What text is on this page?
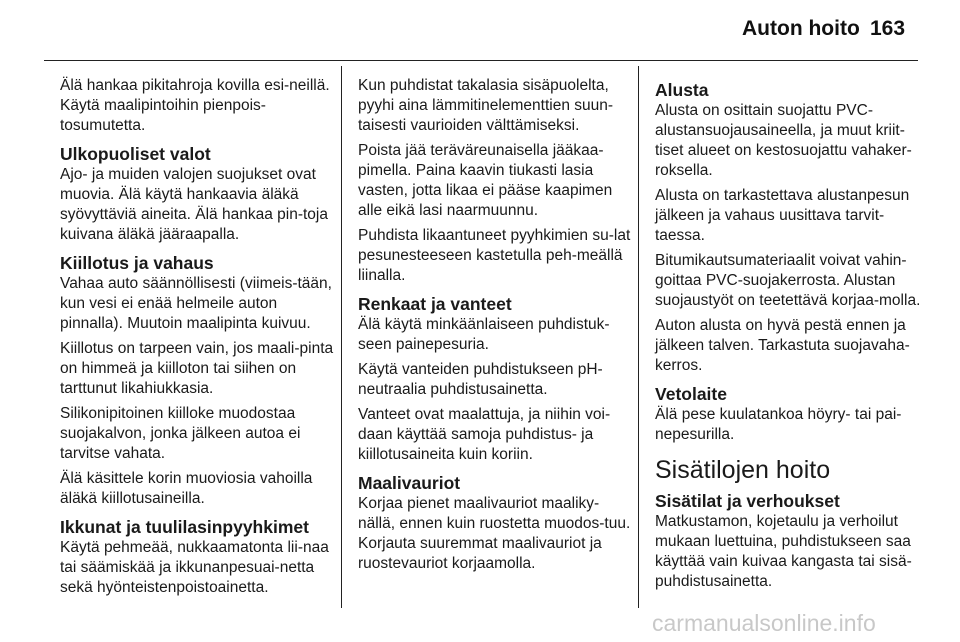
Auton hoito 163

Älä hankaa pikitahroja kovilla esi-neillä. Käytä maalipintoihin pienpois-tosumutetta.

Ulkopuoliset valot

Ajo- ja muiden valojen suojukset ovat muovia. Älä käytä hankaavia äläkä syövyttäviä aineita. Älä hankaa pin-toja kuivana äläkä jääraapalla.

Kiillotus ja vahaus

Vahaa auto säännöllisesti (viimeis-tään, kun vesi ei enää helmeile auton pinnalla). Muutoin maalipinta kuivuu.

Kiillotus on tarpeen vain, jos maali-pinta on himmeä ja kiilloton tai siihen on tarttunut likahiukkasia.

Silikonipitoinen kiilloke muodostaa suojakalvon, jonka jälkeen autoa ei tarvitse vahata.

Älä käsittele korin muoviosia vahoilla äläkä kiillotusaineilla.

Ikkunat ja tuulilasinpyyhkimet

Käytä pehmeää, nukkaamatonta lii-naa tai säämiskää ja ikkunanpesuai-netta sekä hyönteistenpoistoainetta.

Kun puhdistat takalasia sisäpuolelta, pyyhi aina lämmitinelementtien suun-taisesti vaurioiden välttämiseksi.

Poista jää teräväreunaisella jääkaa-pimella. Paina kaavin tiukasti lasia vasten, jotta likaa ei pääse kaapimen alle eikä lasi naarmuunnu.

Puhdista likaantuneet pyyhkimien su-lat pesunesteeseen kastetulla peh-meällä liinalla.

Renkaat ja vanteet

Älä käytä minkäänlaiseen puhdistuk-seen painepesuria.

Käytä vanteiden puhdistukseen pH-neutraalia puhdistusainetta.

Vanteet ovat maalattuja, ja niihin voi-daan käyttää samoja puhdistus- ja kiillotusaineita kuin koriin.

Maalivauriot

Korjaa pienet maalivauriot maaliky-nällä, ennen kuin ruostetta muodos-tuu. Korjauta suuremmat maalivauriot ja ruostevauriot korjaamolla.

Alusta

Alusta on osittain suojattu PVC-alustansuojausaineella, ja muut kriit-tiset alueet on kestosuojattu vahaker-roksella.

Alusta on tarkastettava alustanpesun jälkeen ja vahaus uusittava tarvit-taessa.

Bitumikautsumateriaalit voivat vahin-goittaa PVC-suojakerrosta. Alustan suojaustyöt on teetettävä korjaa-molla.

Auton alusta on hyvä pestä ennen ja jälkeen talven. Tarkastuta suojavaha-kerros.

Vetolaite

Älä pese kuulatankoa höyry- tai pai-nepesurilla.

Sisätilojen hoito
Sisätilat ja verhoukset

Matkustamon, kojetaulu ja verhoilut mukaan luettuina, puhdistukseen saa käyttää vain kuivaa kangasta tai sisä-puhdistusainetta.

carmanualsonline.info
